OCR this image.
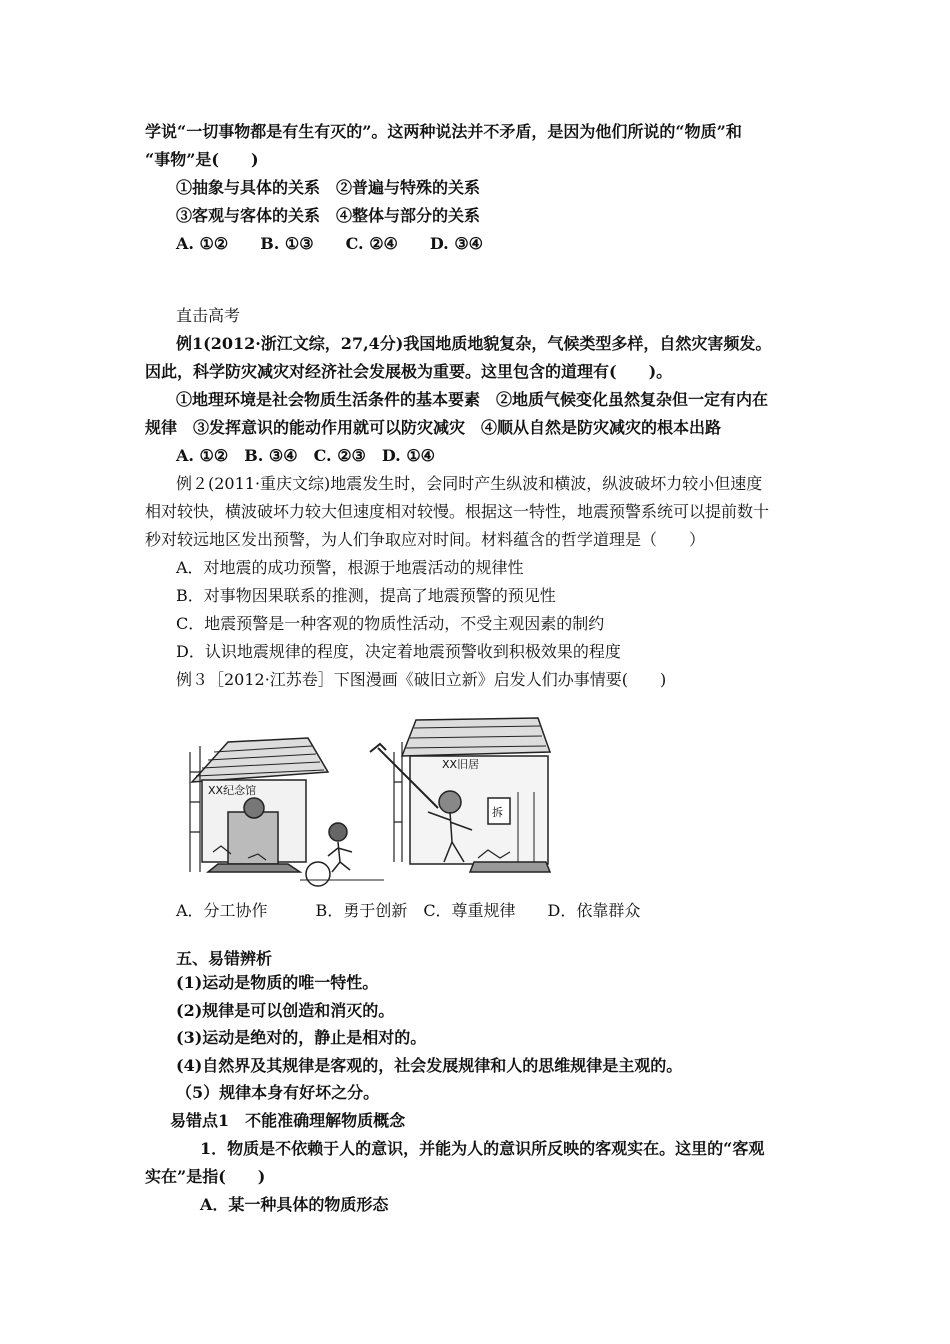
学说“一切事物都是有生有灭的”。这两种说法并不矛盾，是因为他们所说的“物质”和
“事物”是(　　)
①抽象与具体的关系　②普遍与特殊的关系
③客观与客体的关系　④整体与部分的关系
A. ①②　　B. ①③　　C. ②④　　D. ③④
直击高考
例1(2012·浙江文综，27,4分)我国地质地貌复杂，气候类型多样，自然灾害频发。
因此，科学防灾减灾对经济社会发展极为重要。这里包含的道理有(　　)。
①地理环境是社会物质生活条件的基本要素　②地质气候变化虽然复杂但一定有内在
规律　③发挥意识的能动作用就可以防灾减灾　④顺从自然是防灾减灾的根本出路
A. ①②　B. ③④　C. ②③　D. ①④
例２(2011·重庆文综)地震发生时，会同时产生纵波和横波，纵波破坏力较小但速度
相对较快，横波破坏力较大但速度相对较慢。根据这一特性，地震预警系统可以提前数十
秒对较远地区发出预警，为人们争取应对时间。材料蕴含的哲学道理是（　　）
A．对地震的成功预警，根源于地震活动的规律性
B．对事物因果联系的推测，提高了地震预警的预见性
C．地震预警是一种客观的物质性活动，不受主观因素的制约
D．认识地震规律的程度，决定着地震预警收到积极效果的程度
例３［2012·江苏卷］下图漫画《破旧立新》启发人们办事情要(　　)
XX纪念馆
XX旧居
拆
A．分工协作　　　B．勇于创新　C．尊重规律　　D．依靠群众
五、易错辨析
(1)运动是物质的唯一特性。
(2)规律是可以创造和消灭的。
(3)运动是绝对的，静止是相对的。
(4)自然界及其规律是客观的，社会发展规律和人的思维规律是主观的。
（5）规律本身有好坏之分。
易错点1　不能准确理解物质概念
1．物质是不依赖于人的意识，并能为人的意识所反映的客观实在。这里的“客观
实在”是指(　　)
A．某一种具体的物质形态
